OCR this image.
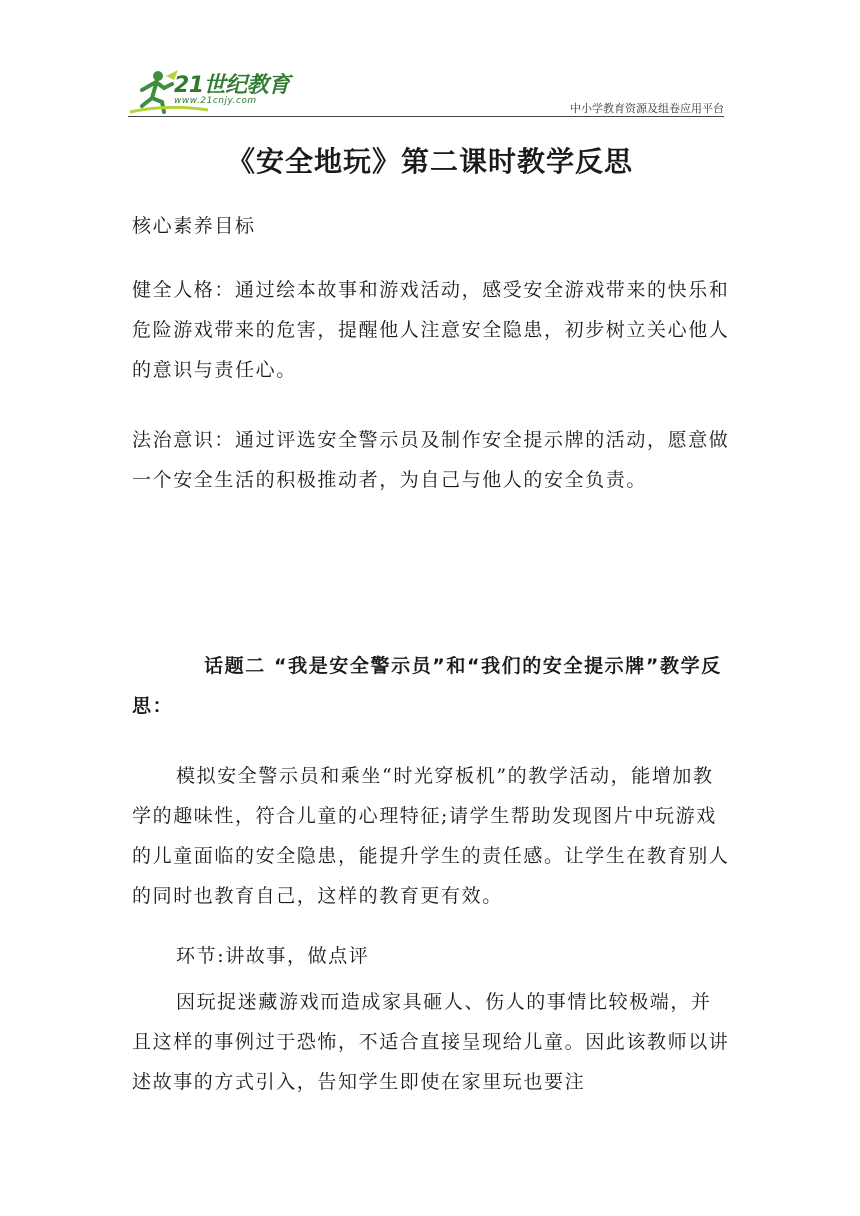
21世纪教育
www.21cnjy.com
中小学教育资源及组卷应用平台
《安全地玩》第二课时教学反思

核心素养目标

健全人格：通过绘本故事和游戏活动，感受安全游戏带来的快乐和危险游戏带来的危害，提醒他人注意安全隐患，初步树立关心他人的意识与责任心。

法治意识：通过评选安全警示员及制作安全提示牌的活动，愿意做一个安全生活的积极推动者，为自己与他人的安全负责。

话题二 “我是安全警示员”和“我们的安全提示牌”教学反思：

模拟安全警示员和乘坐“时光穿板机”的教学活动，能增加教学的趣味性，符合儿童的心理特征;请学生帮助发现图片中玩游戏的儿童面临的安全隐患，能提升学生的责任感。让学生在教育别人的同时也教育自己，这样的教育更有效。

环节:讲故事，做点评

因玩捉迷藏游戏而造成家具砸人、伤人的事情比较极端，并且这样的事例过于恐怖，不适合直接呈现给儿童。因此该教师以讲述故事的方式引入，告知学生即使在家里玩也要注
